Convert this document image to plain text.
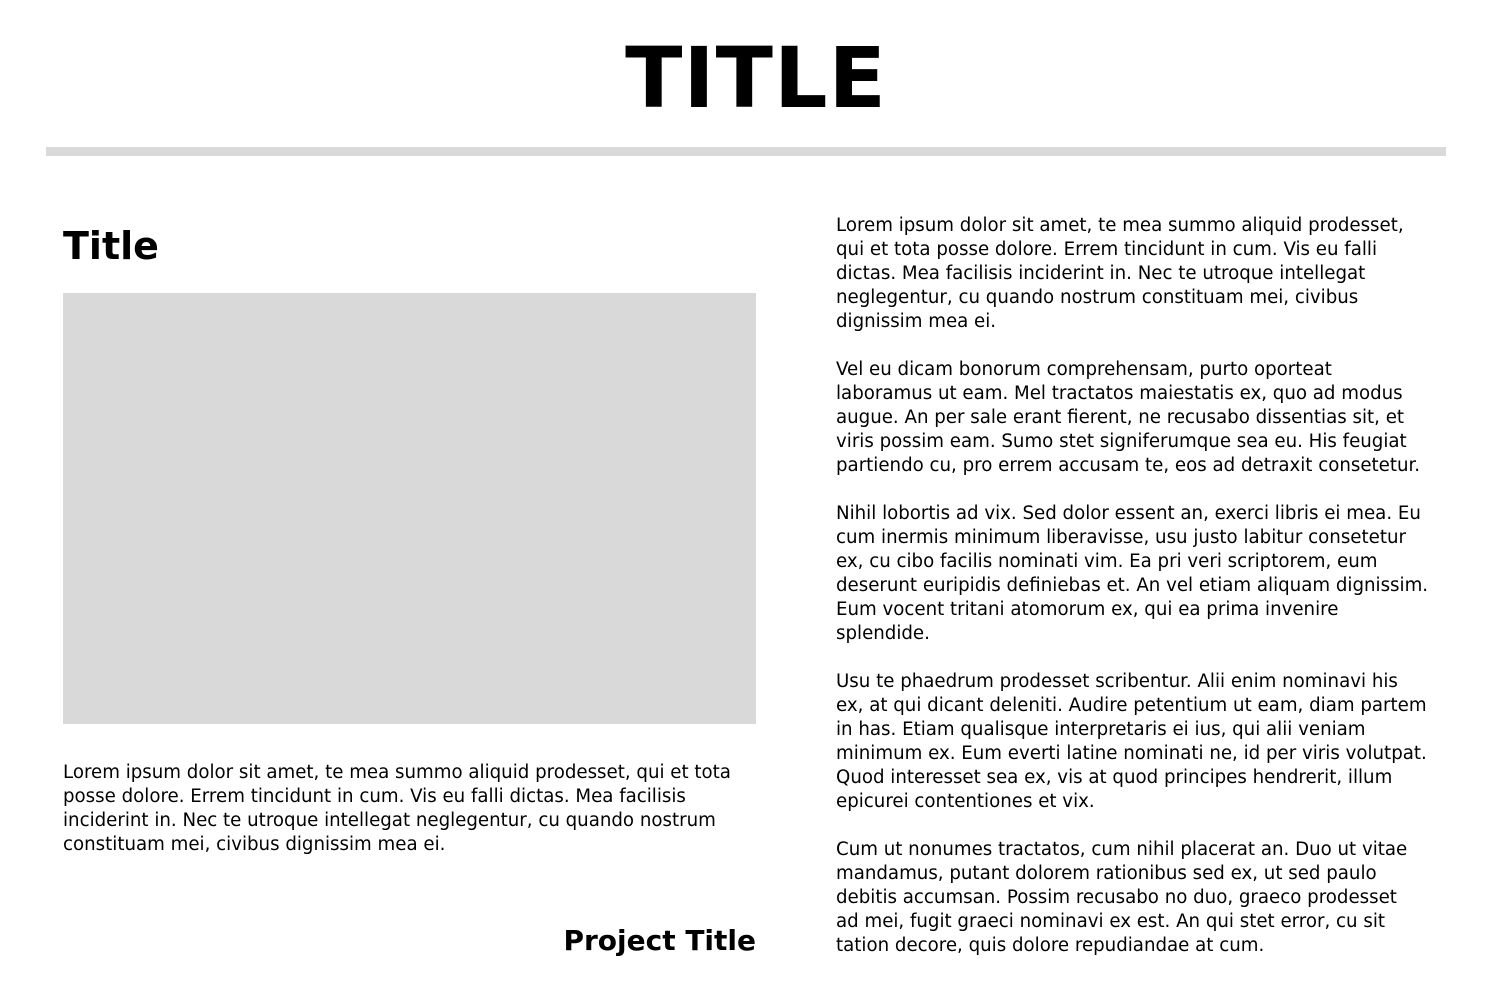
TITLE
Title

Lorem ipsum dolor sit amet, te mea summo aliquid prodesset, qui et tota
posse dolore. Errem tincidunt in cum. Vis eu falli dictas. Mea facilisis
inciderint in. Nec te utroque intellegat neglegentur, cu quando nostrum
constituam mei, civibus dignissim mea ei.

Project Title

Lorem ipsum dolor sit amet, te mea summo aliquid prodesset,
qui et tota posse dolore. Errem tincidunt in cum. Vis eu falli
dictas. Mea facilisis inciderint in. Nec te utroque intellegat
neglegentur, cu quando nostrum constituam mei, civibus
dignissim mea ei.

Vel eu dicam bonorum comprehensam, purto oporteat
laboramus ut eam. Mel tractatos maiestatis ex, quo ad modus
augue. An per sale erant fierent, ne recusabo dissentias sit, et
viris possim eam. Sumo stet signiferumque sea eu. His feugiat
partiendo cu, pro errem accusam te, eos ad detraxit consetetur.

Nihil lobortis ad vix. Sed dolor essent an, exerci libris ei mea. Eu
cum inermis minimum liberavisse, usu justo labitur consetetur
ex, cu cibo facilis nominati vim. Ea pri veri scriptorem, eum
deserunt euripidis definiebas et. An vel etiam aliquam dignissim.
Eum vocent tritani atomorum ex, qui ea prima invenire
splendide.

Usu te phaedrum prodesset scribentur. Alii enim nominavi his
ex, at qui dicant deleniti. Audire petentium ut eam, diam partem
in has. Etiam qualisque interpretaris ei ius, qui alii veniam
minimum ex. Eum everti latine nominati ne, id per viris volutpat.
Quod interesset sea ex, vis at quod principes hendrerit, illum
epicurei contentiones et vix.

Cum ut nonumes tractatos, cum nihil placerat an. Duo ut vitae
mandamus, putant dolorem rationibus sed ex, ut sed paulo
debitis accumsan. Possim recusabo no duo, graeco prodesset
ad mei, fugit graeci nominavi ex est. An qui stet error, cu sit
tation decore, quis dolore repudiandae at cum.
